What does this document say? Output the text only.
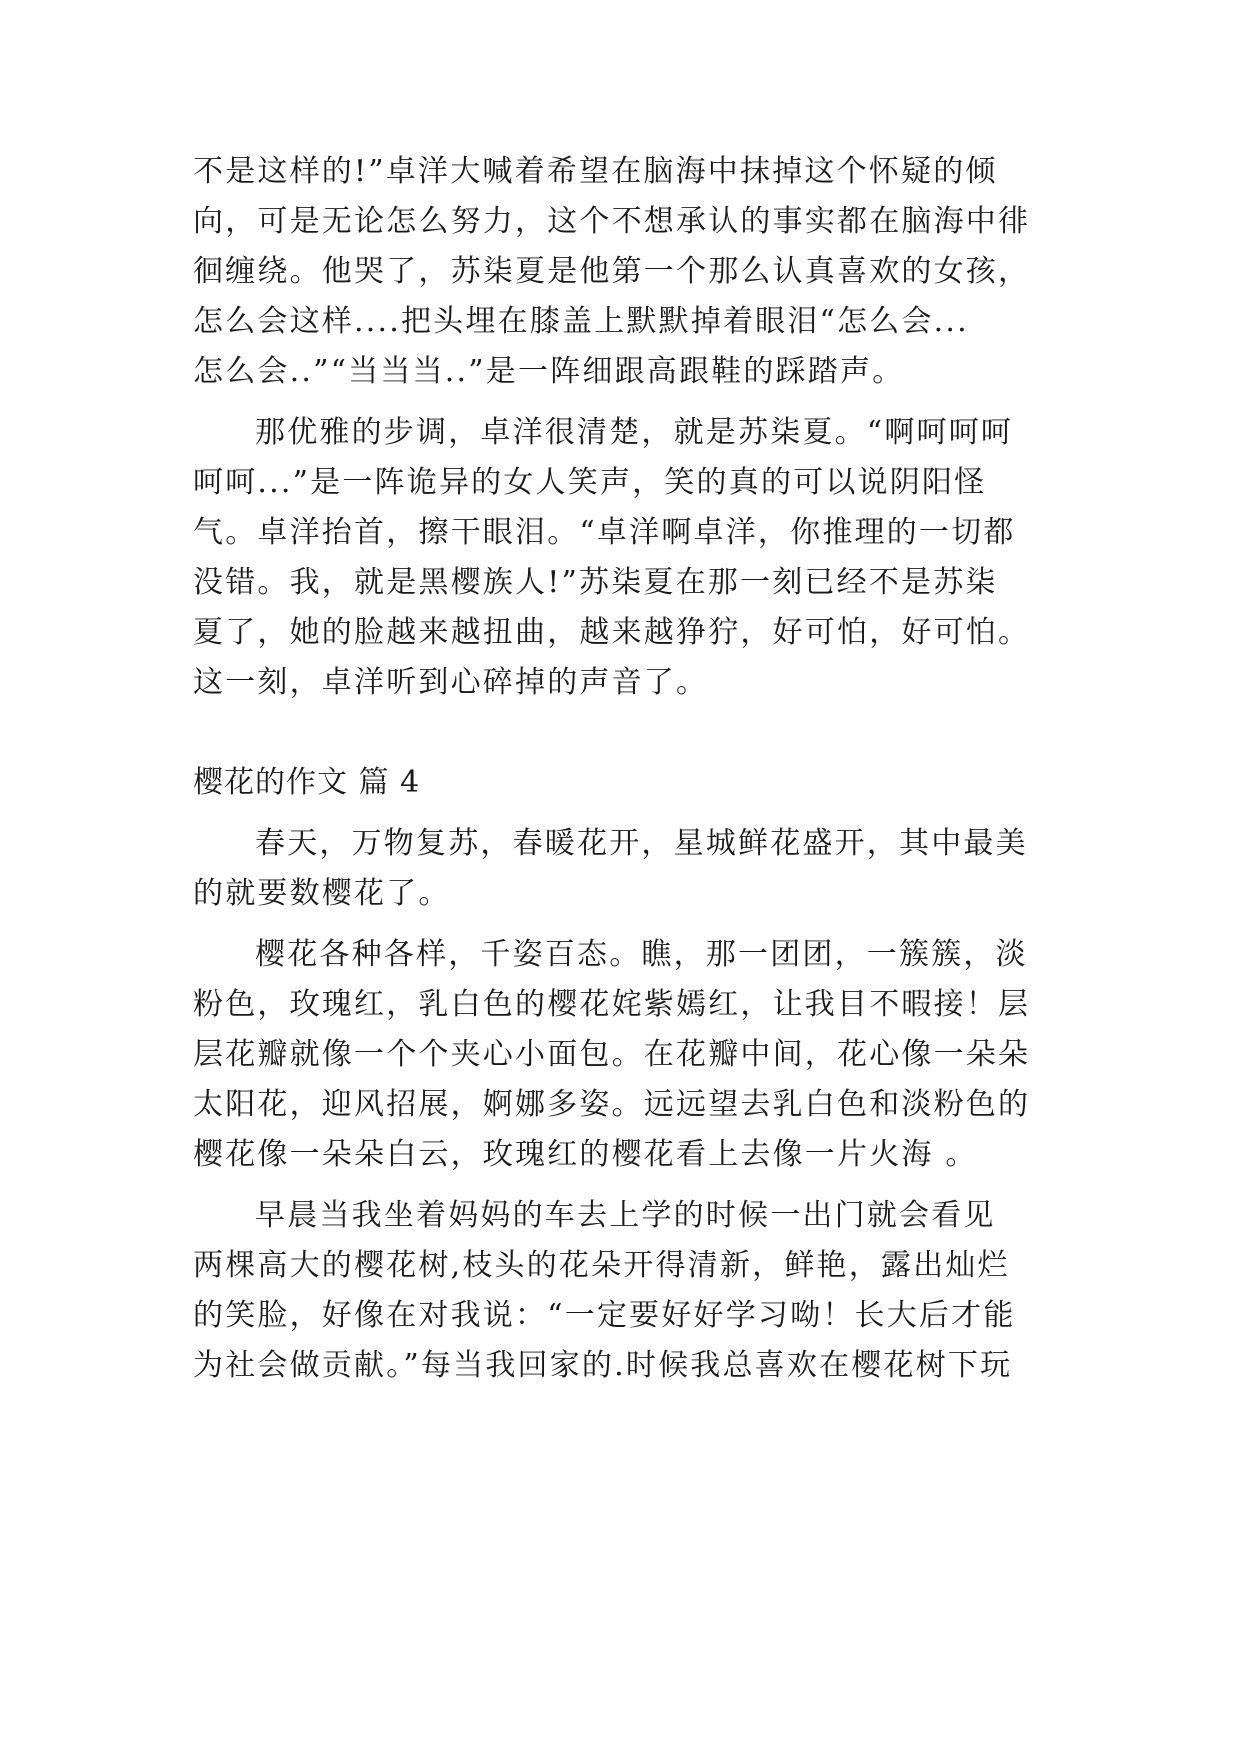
不是这样的!”卓洋大喊着希望在脑海中抹掉这个怀疑的倾
向，可是无论怎么努力，这个不想承认的事实都在脑海中徘
徊缠绕。他哭了，苏柒夏是他第一个那么认真喜欢的女孩，
怎么会这样....把头埋在膝盖上默默掉着眼泪“怎么会...
怎么会..”“当当当..”是一阵细跟高跟鞋的踩踏声。
那优雅的步调，卓洋很清楚，就是苏柒夏。“啊呵呵呵
呵呵...”是一阵诡异的女人笑声，笑的真的可以说阴阳怪
气。卓洋抬首，擦干眼泪。“卓洋啊卓洋，你推理的一切都
没错。我，就是黑樱族人!”苏柒夏在那一刻已经不是苏柒
夏了，她的脸越来越扭曲，越来越狰狞，好可怕，好可怕。
这一刻，卓洋听到心碎掉的声音了。
樱花的作文 篇 4
春天，万物复苏，春暖花开，星城鲜花盛开，其中最美
的就要数樱花了。
樱花各种各样，千姿百态。瞧，那一团团，一簇簇，淡
粉色，玫瑰红，乳白色的樱花姹紫嫣红，让我目不暇接！层
层花瓣就像一个个夹心小面包。在花瓣中间，花心像一朵朵
太阳花，迎风招展，婀娜多姿。远远望去乳白色和淡粉色的
樱花像一朵朵白云，玫瑰红的樱花看上去像一片火海 。
早晨当我坐着妈妈的车去上学的时候一出门就会看见
两棵高大的樱花树,枝头的花朵开得清新，鲜艳，露出灿烂
的笑脸，好像在对我说：“一定要好好学习呦！长大后才能
为社会做贡献。”每当我回家的.时候我总喜欢在樱花树下玩
